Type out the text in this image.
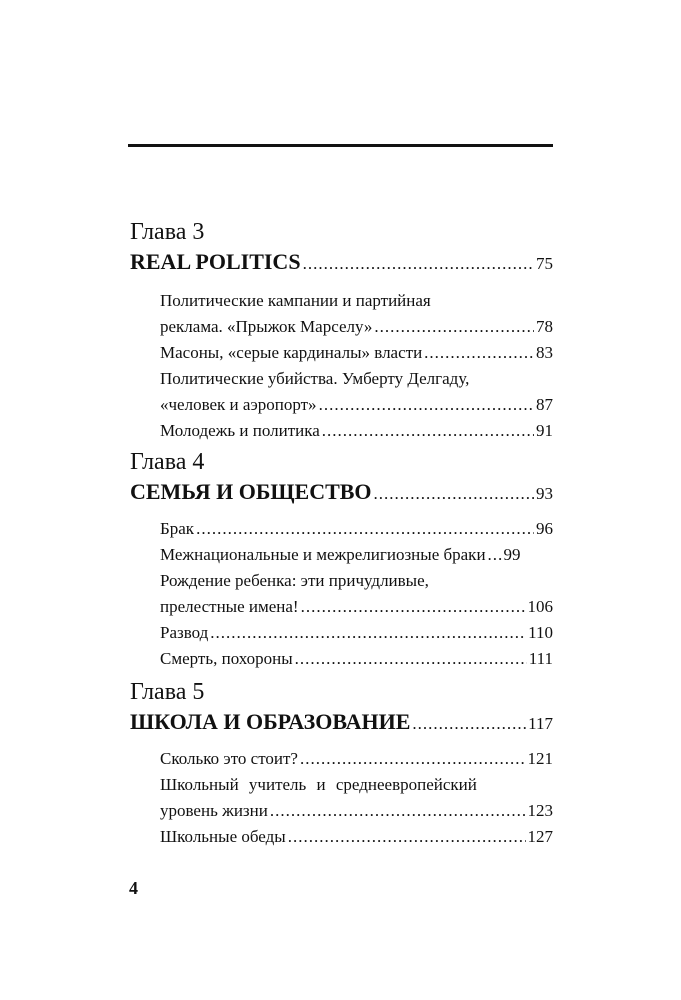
Глава 3
REAL POLITICS .....	75
Политические кампании и партийная
реклама. «Прыжок Марселу» .....	78
Масоны, «серые кардиналы» власти .....	83
Политические убийства. Умберту Делгаду,
«человек и аэропорт» .....	87
Молодежь и политика .....	91
Глава 4
СЕМЬЯ И ОБЩЕСТВО .....	93
Брак .....	96
Межнациональные и межрелигиозные браки ..... 99
Рождение ребенка: эти причудливые,
прелестные имена! .....	106
Развод .....	110
Смерть, похороны .....	111
Глава 5
ШКОЛА И ОБРАЗОВАНИЕ .....	117
Сколько это стоит? .....	121
Школьный учитель и среднеевропейский
уровень жизни .....	123
Школьные обеды .....	127
4
